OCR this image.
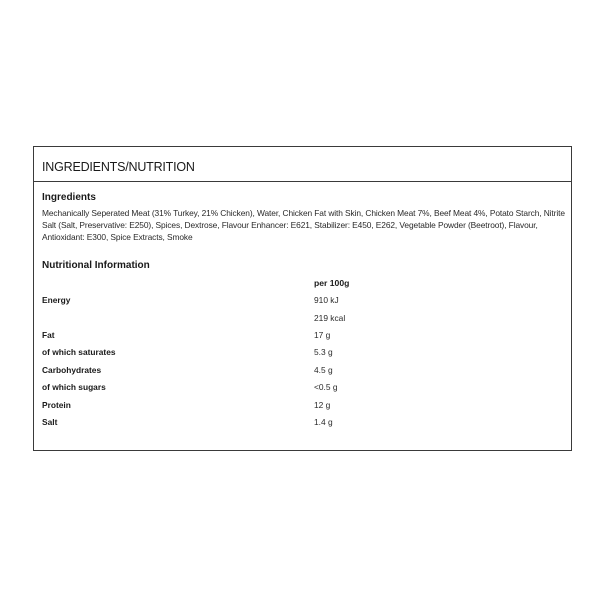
INGREDIENTS/NUTRITION
Ingredients
Mechanically Seperated Meat (31% Turkey, 21% Chicken), Water, Chicken Fat with Skin, Chicken Meat 7%, Beef Meat 4%, Potato Starch, Nitrite Salt (Salt, Preservative: E250), Spices, Dextrose, Flavour Enhancer: E621, Stabilizer: E450, E262, Vegetable Powder (Beetroot), Flavour, Antioxidant: E300, Spice Extracts, Smoke
Nutritional Information
per 100g
Energy	910 kJ
219 kcal
Fat	17 g
of which saturates	5.3 g
Carbohydrates	4.5 g
of which sugars	<0.5 g
Protein	12 g
Salt	1.4 g
